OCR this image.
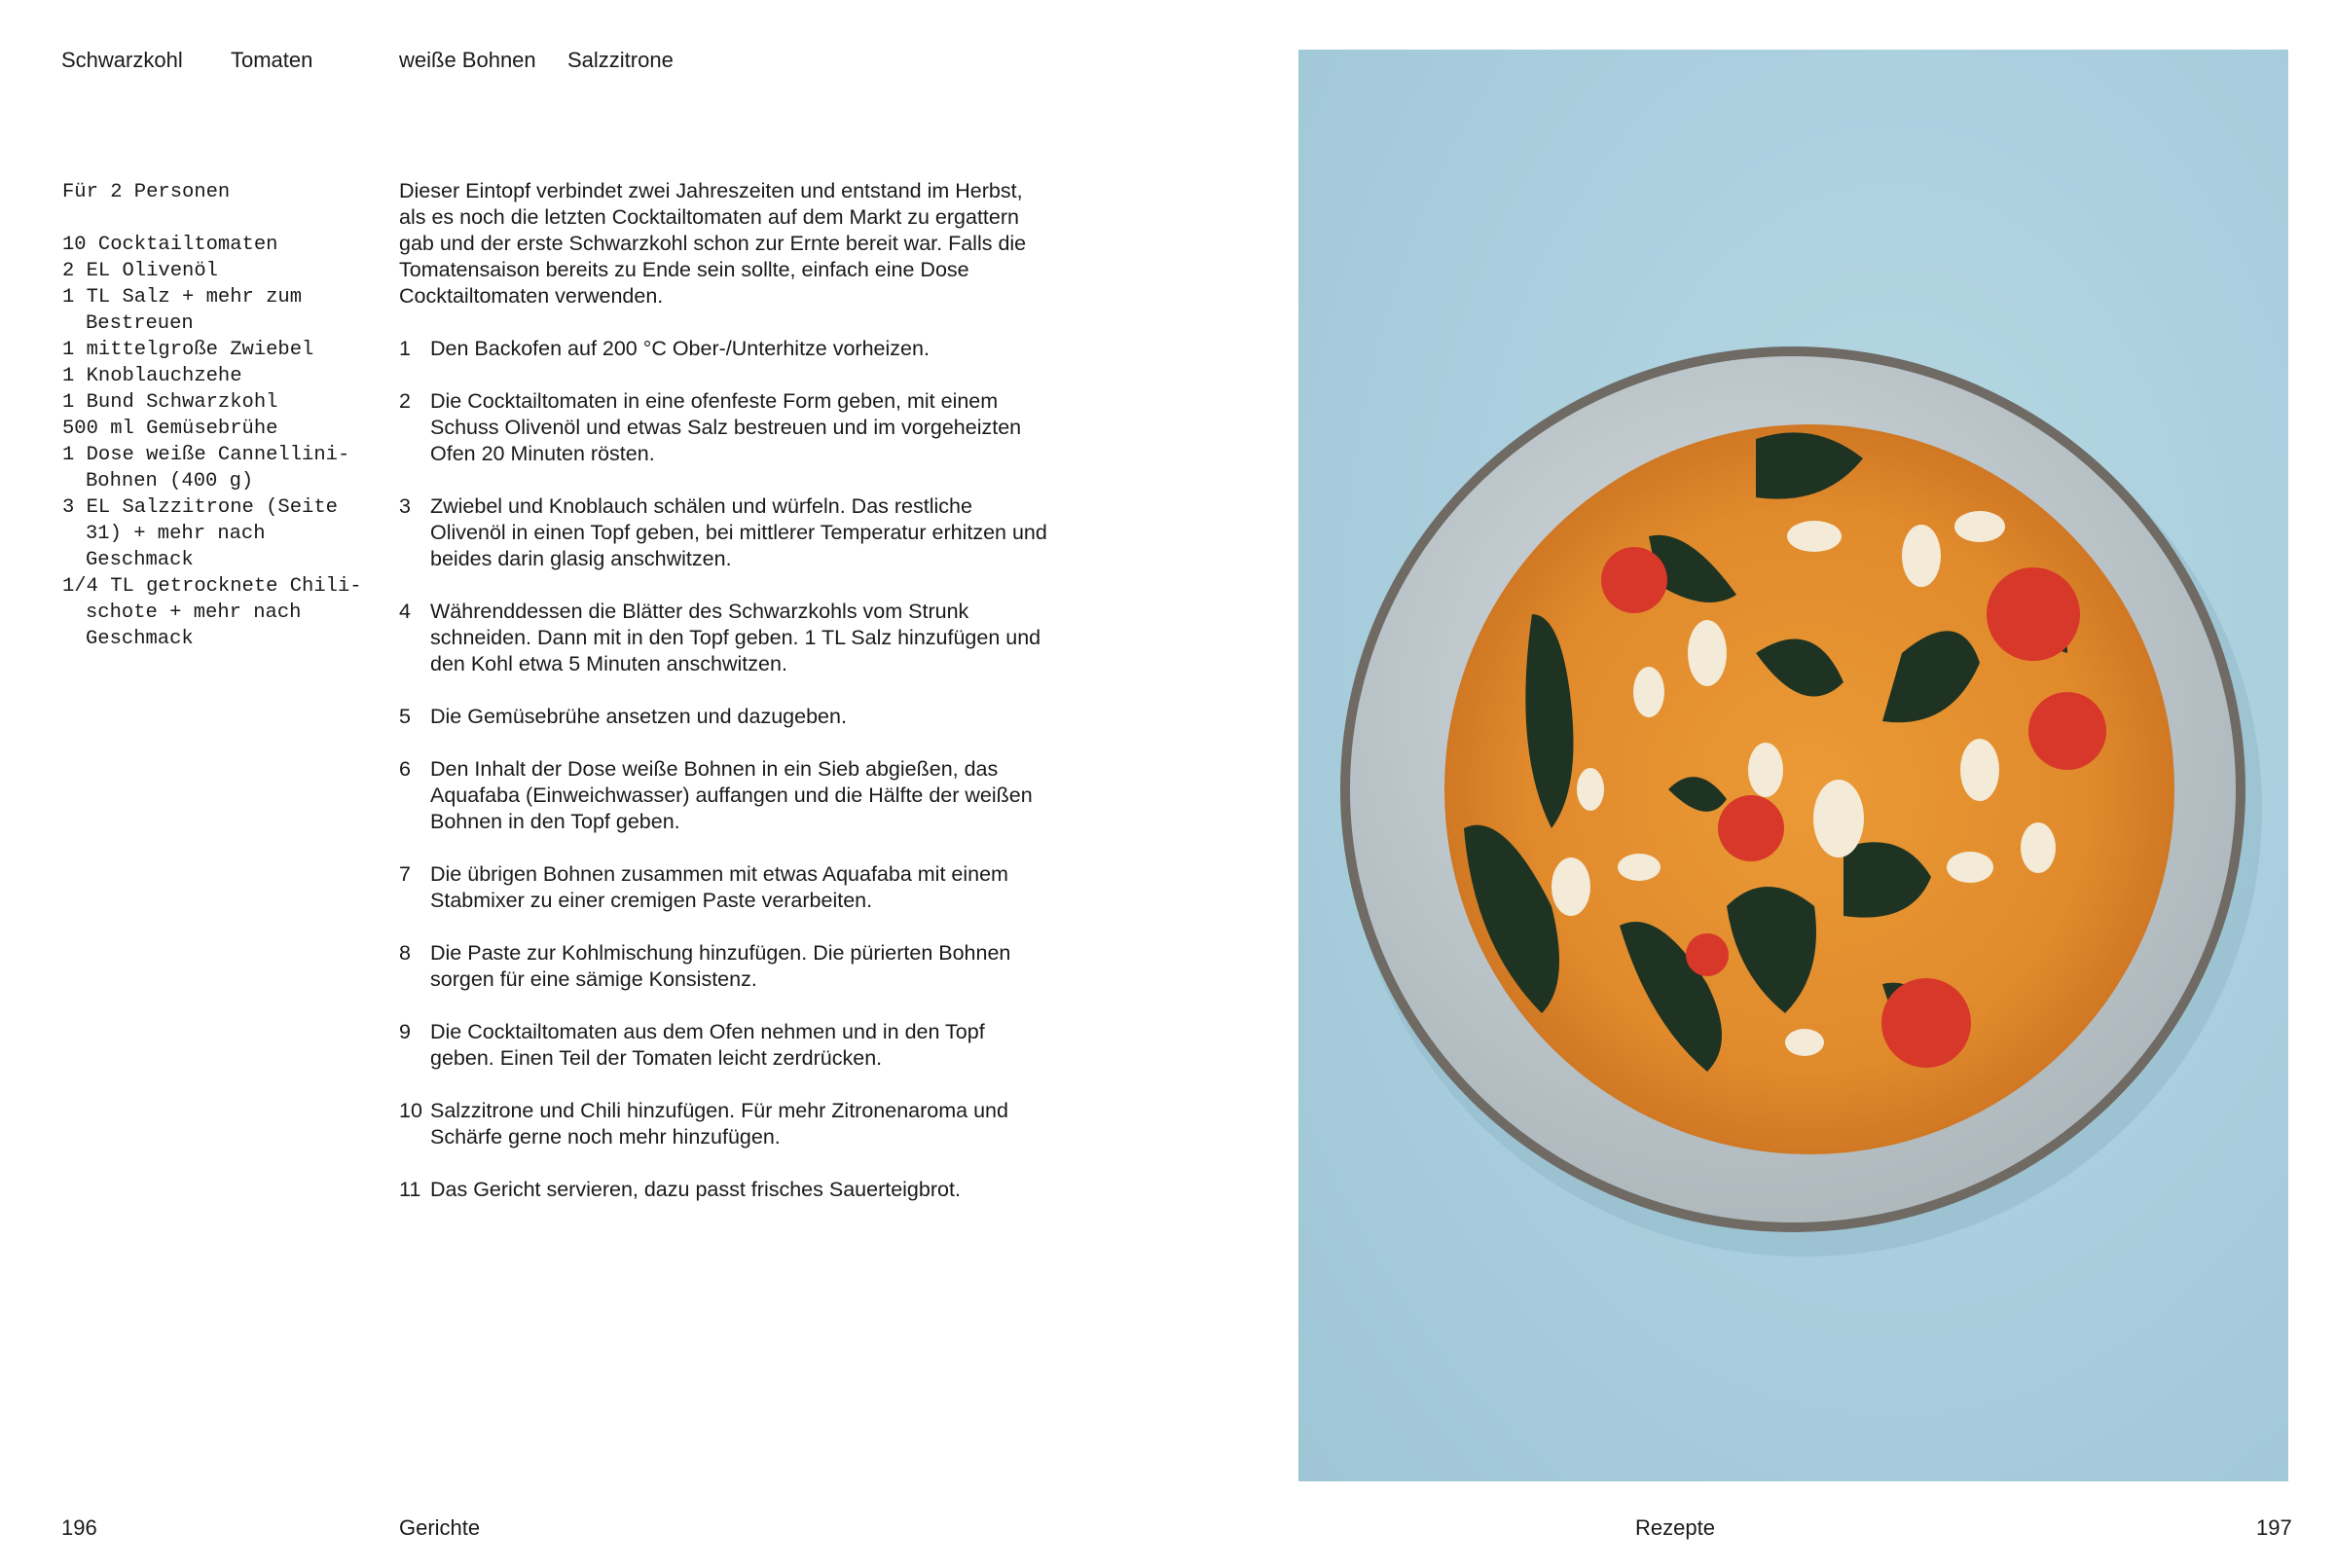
Schwarzkohl Tomaten	weiße Bohnen Salzzitrone
Für 2 Personen
10 Cocktailtomaten
2 EL Olivenöl
1 TL Salz + mehr zum Bestreuen
1 mittelgroße Zwiebel
1 Knoblauchzehe
1 Bund Schwarzkohl
500 ml Gemüsebrühe
1 Dose weiße Cannellini-Bohnen (400 g)
3 EL Salzzitrone (Seite 31) + mehr nach Geschmack
1/4 TL getrocknete Chili-schote + mehr nach Geschmack

Dieser Eintopf verbindet zwei Jahreszeiten und entstand im Herbst, als es noch die letzten Cocktailtomaten auf dem Markt zu ergattern gab und der erste Schwarzkohl schon zur Ernte bereit war. Falls die Tomatensaison bereits zu Ende sein sollte, einfach eine Dose Cocktailtomaten verwenden.

1 Den Backofen auf 200 °C Ober-/Unterhitze vorheizen.
2 Die Cocktailtomaten in eine ofenfeste Form geben, mit einem Schuss Olivenöl und etwas Salz bestreuen und im vorgeheizten Ofen 20 Minuten rösten.
3 Zwiebel und Knoblauch schälen und würfeln. Das restliche Olivenöl in einen Topf geben, bei mittlerer Temperatur erhitzen und beides darin glasig anschwitzen.
4 Währenddessen die Blätter des Schwarzkohls vom Strunk schneiden. Dann mit in den Topf geben. 1 TL Salz hinzufügen und den Kohl etwa 5 Minuten anschwitzen.
5 Die Gemüsebrühe ansetzen und dazugeben.
6 Den Inhalt der Dose weiße Bohnen in ein Sieb abgießen, das Aquafaba (Einweichwasser) auffangen und die Hälfte der weißen Bohnen in den Topf geben.
7 Die übrigen Bohnen zusammen mit etwas Aquafaba mit einem Stabmixer zu einer cremigen Paste verarbeiten.
8 Die Paste zur Kohlmischung hinzufügen. Die pürierten Bohnen sorgen für eine sämige Konsistenz.
9 Die Cocktailtomaten aus dem Ofen nehmen und in den Topf geben. Einen Teil der Tomaten leicht zerdrücken.
10 Salzzitrone und Chili hinzufügen. Für mehr Zitronenaroma und Schärfe gerne noch mehr hinzufügen.
11 Das Gericht servieren, dazu passt frisches Sauerteigbrot.
196	Gerichte	Rezepte	197
